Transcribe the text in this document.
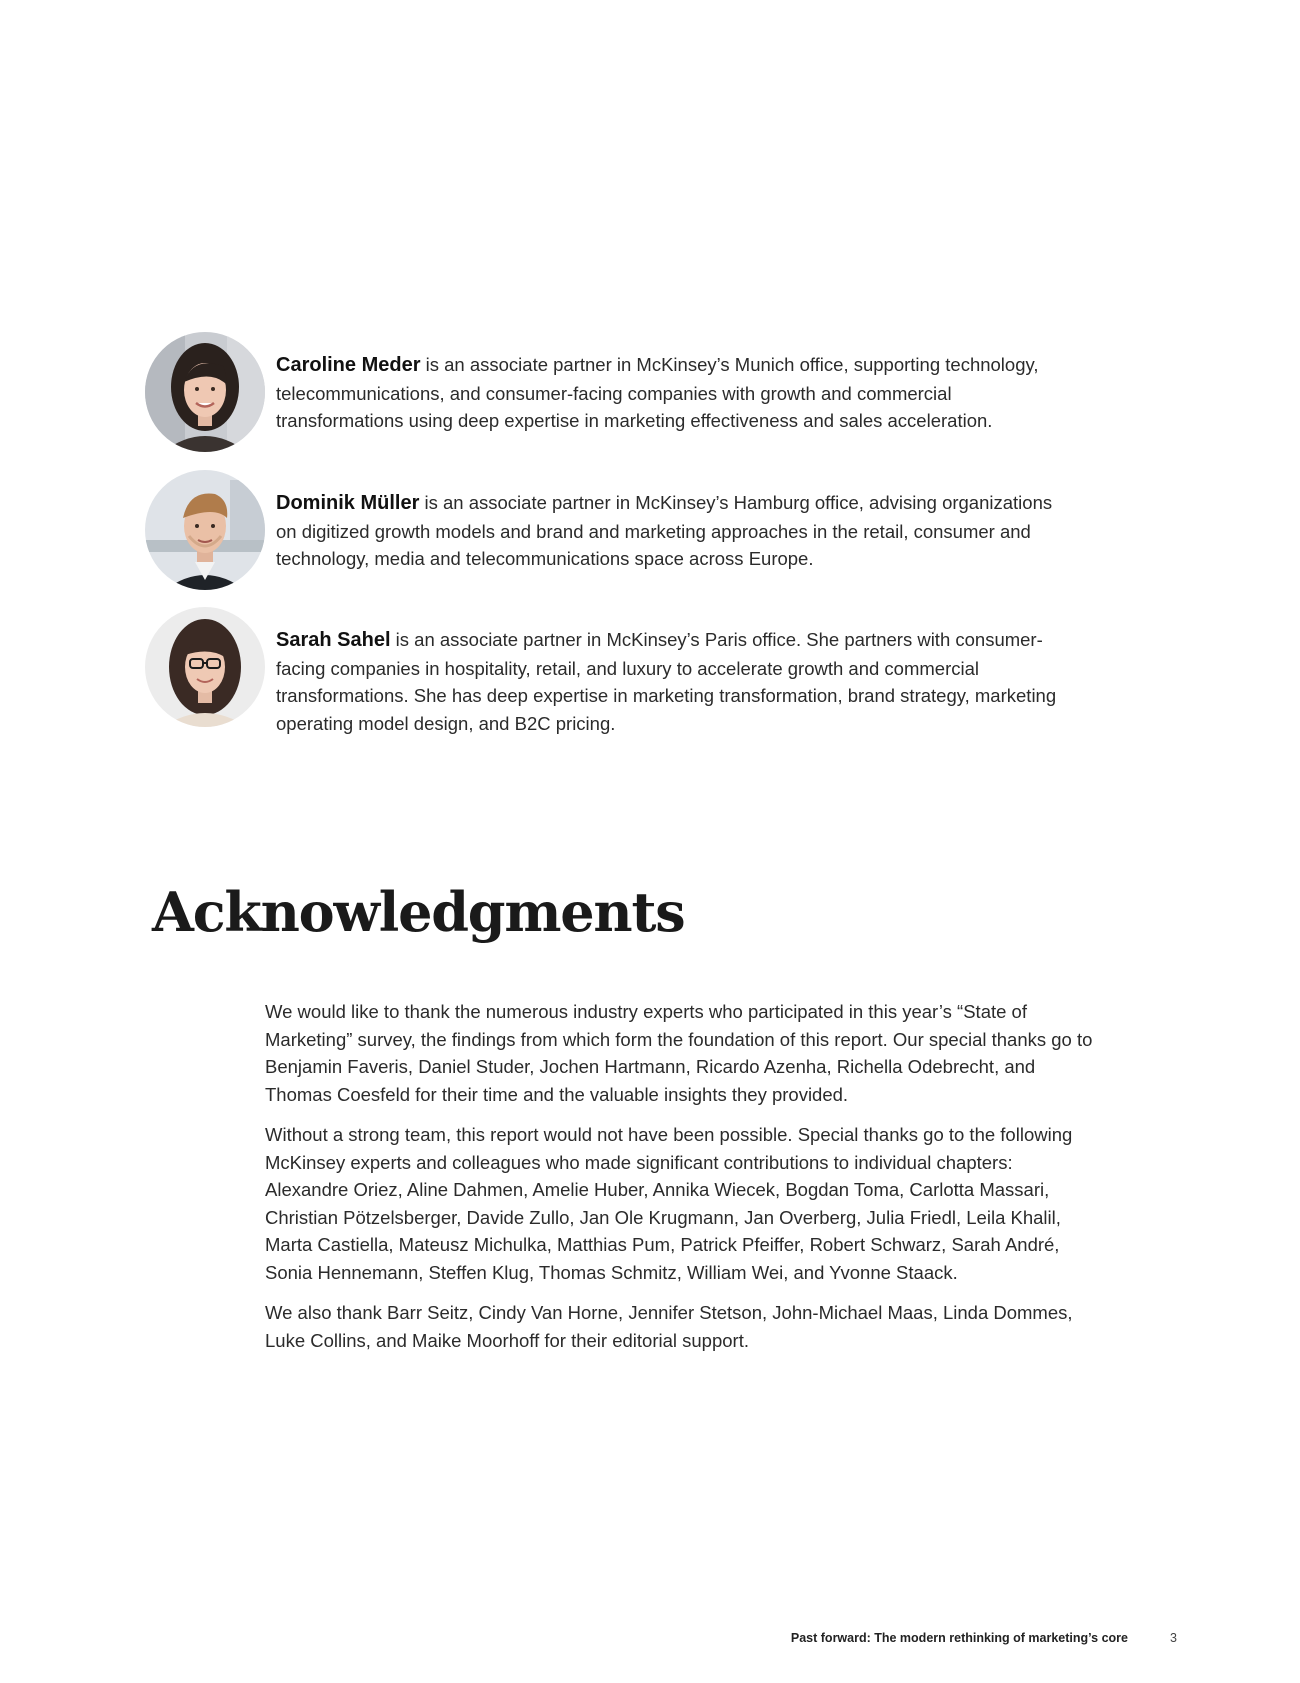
Caroline Meder is an associate partner in McKinsey’s Munich office, supporting technology, telecommunications, and consumer-facing companies with growth and commercial transformations using deep expertise in marketing effectiveness and sales acceleration.
Dominik Müller is an associate partner in McKinsey’s Hamburg office, advising organizations on digitized growth models and brand and marketing approaches in the retail, consumer and technology, media and telecommunications space across Europe.
Sarah Sahel is an associate partner in McKinsey’s Paris office. She partners with consumer-facing companies in hospitality, retail, and luxury to accelerate growth and commercial transformations. She has deep expertise in marketing transformation, brand strategy, marketing operating model design, and B2C pricing.
Acknowledgments

We would like to thank the numerous industry experts who participated in this year’s “State of Marketing” survey, the findings from which form the foundation of this report. Our special thanks go to Benjamin Faveris, Daniel Studer, Jochen Hartmann, Ricardo Azenha, Richella Odebrecht, and Thomas Coesfeld for their time and the valuable insights they provided.

Without a strong team, this report would not have been possible. Special thanks go to the following McKinsey experts and colleagues who made significant contributions to individual chapters: Alexandre Oriez, Aline Dahmen, Amelie Huber, Annika Wiecek, Bogdan Toma, Carlotta Massari, Christian Pötzelsberger, Davide Zullo, Jan Ole Krugmann, Jan Overberg, Julia Friedl, Leila Khalil, Marta Castiella, Mateusz Michulka, Matthias Pum, Patrick Pfeiffer, Robert Schwarz, Sarah André, Sonia Hennemann, Steffen Klug, Thomas Schmitz, William Wei, and Yvonne Staack.

We also thank Barr Seitz, Cindy Van Horne, Jennifer Stetson, John-Michael Maas, Linda Dommes, Luke Collins, and Maike Moorhoff for their editorial support.

Past forward: The modern rethinking of marketing’s core	3
